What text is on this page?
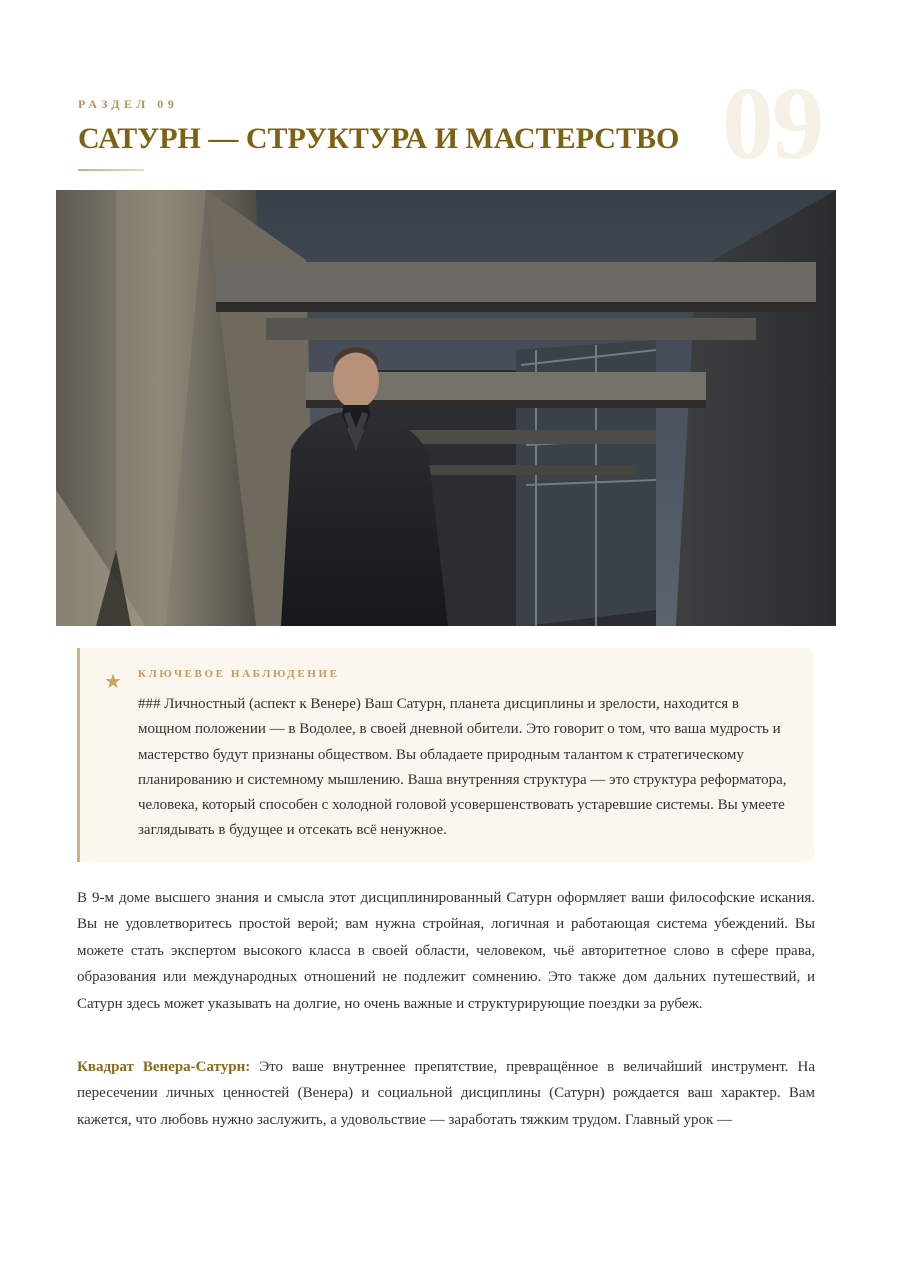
09
РАЗДЕЛ 09
САТУРН — СТРУКТУРА И МАСТЕРСТВО
★ КЛЮЧЕВОЕ НАБЛЮДЕНИЕ

### Личностный (аспект к Венере) Ваш Сатурн, планета дисциплины и зрелости, находится в мощном положении — в Водолее, в своей дневной обители. Это говорит о том, что ваша мудрость и мастерство будут признаны обществом. Вы обладаете природным талантом к стратегическому планированию и системному мышлению. Ваша внутренняя структура — это структура реформатора, человека, который способен с холодной головой усовершенствовать устаревшие системы. Вы умеете заглядывать в будущее и отсекать всё ненужное.

В 9-м доме высшего знания и смысла этот дисциплинированный Сатурн оформляет ваши философские искания. Вы не удовлетворитесь простой верой; вам нужна стройная, логичная и работающая система убеждений. Вы можете стать экспертом высокого класса в своей области, человеком, чьё авторитетное слово в сфере права, образования или международных отношений не подлежит сомнению. Это также дом дальних путешествий, и Сатурн здесь может указывать на долгие, но очень важные и структурирующие поездки за рубеж.

Квадрат Венера-Сатурн: Это ваше внутреннее препятствие, превращённое в величайший инструмент. На пересечении личных ценностей (Венера) и социальной дисциплины (Сатурн) рождается ваш характер. Вам кажется, что любовь нужно заслужить, а удовольствие — заработать тяжким трудом. Главный урок —
